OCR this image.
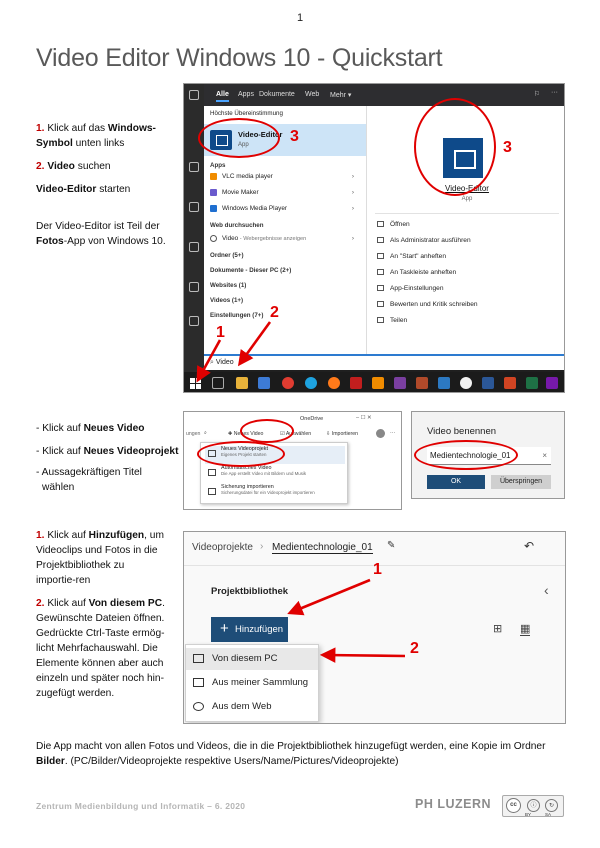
1
Video Editor Windows 10 - Quickstart

1. Klick auf das Windows-Symbol unten links

2. Video suchen

Video-Editor starten

Der Video-Editor ist Teil der Fotos-App von Windows 10.

Alle Apps Dokumente Web Mehr ▾	⚐ ···
Höchste Übereinstimmung
Video-Editor
App
Apps
VLC media player	›
Movie Maker	›
Windows Media Player	›
Web durchsuchen
Video - Webergebnisse anzeigen	›
Ordner (5+)
Dokumente - Dieser PC (2+)
Websites (1)
Videos (1+)
Einstellungen (7+)
Video-Editor
App
Öffnen
Als Administrator ausführen
An "Start" anheften
An Taskleiste anheften
App-Einstellungen
Bewerten und Kritik schreiben
Teilen
⌕ Video
3
3
1
2

- Klick auf Neues Video

- Klick auf Neues Videoprojekt

- Aussagekräftigen Titel
wählen

OneDrive	– ☐ ✕
ungen ⌕	✚ Neues Video	☑ Auswählen	⇩ Importieren	···
Neues Videoprojekt
Eigenes Projekt starten
Automatisches Video
Die App erstellt Video mit Bildern und Musik
Sicherung importieren
Sicherungsdatei für ein Videoprojekt importieren
Video benennen
Medientechnologie_01	×
OK	Überspringen

1. Klick auf Hinzufügen, um Videoclips und Fotos in die Projektbibliothek zu importie-ren

2. Klick auf Von diesem PC. Gewünschte Dateien öffnen. Gedrückte Ctrl-Taste ermög-licht Mehrfachauswahl. Die Elemente können aber auch einzeln und später noch hin-zugefügt werden.

Videoprojekte › Medientechnologie_01 ✎	↶
Projektbibliothek	‹
⊞ ▦
+ Hinzufügen
Von diesem PC
Aus meiner Sammlung
Aus dem Web
1
2
Die App macht von allen Fotos und Videos, die in die Projektbibliothek hinzugefügt werden, eine Kopie im Ordner Bilder. (PC/Bilder/Videoprojekte respektive Users/Name/Pictures/Videoprojekte)
Zentrum Medienbildung und Informatik – 6. 2020	PH LUZERN	cc	ⓘ	↻
BY	SA
